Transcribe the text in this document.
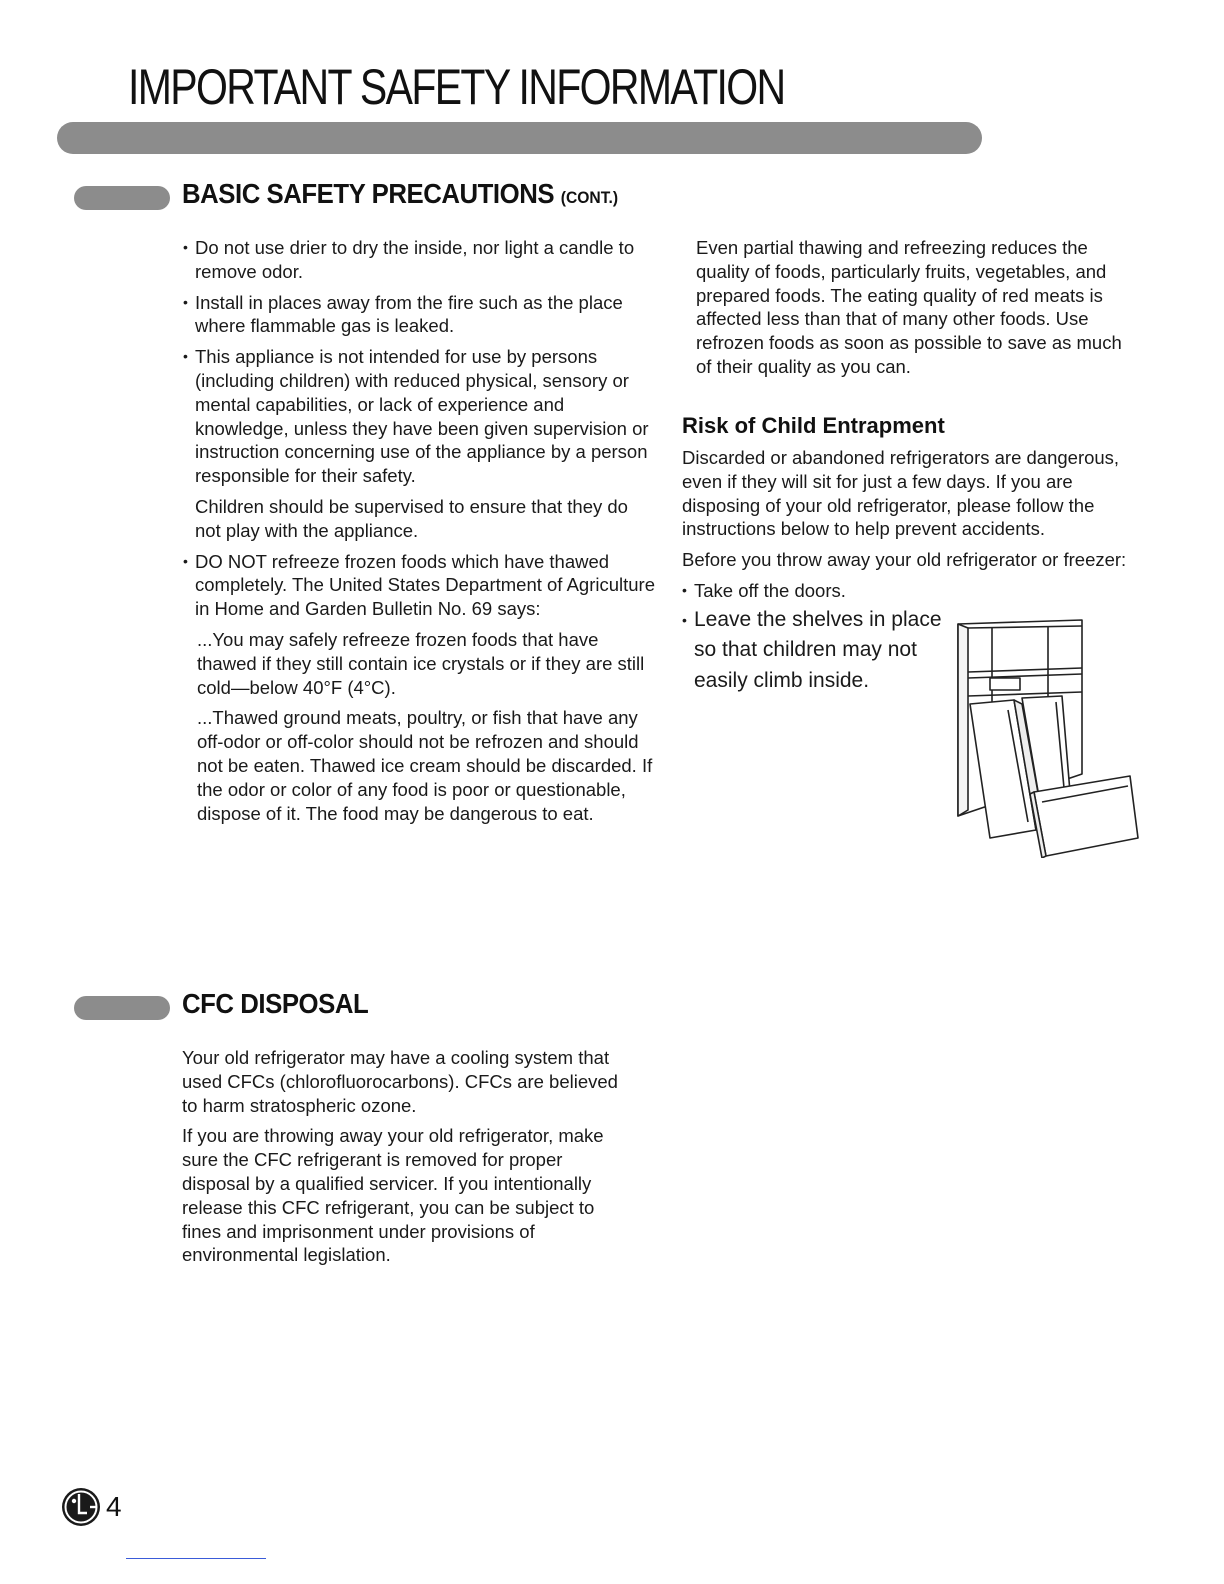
IMPORTANT SAFETY INFORMATION
BASIC SAFETY PRECAUTIONS (CONT.)

• Do not use drier to dry the inside, nor light a candle to remove odor.

• Install in places away from the fire such as the place where flammable gas is leaked.

• This appliance is not intended for use by persons (including children) with reduced physical, sensory or mental capabilities, or lack of experience and knowledge, unless they have been given supervision or instruction concerning use of the appliance by a person responsible for their safety.

Children should be supervised to ensure that they do not play with the appliance.

• DO NOT refreeze frozen foods which have thawed completely. The United States Department of Agriculture in Home and Garden Bulletin No. 69 says:

...You may safely refreeze frozen foods that have thawed if they still contain ice crystals or if they are still cold—below 40°F (4°C).

...Thawed ground meats, poultry, or fish that have any off-odor or off-color should not be refrozen and should not be eaten. Thawed ice cream should be discarded. If the odor or color of any food is poor or questionable, dispose of it. The food may be dangerous to eat.

Even partial thawing and refreezing reduces the quality of foods, particularly fruits, vegetables, and prepared foods. The eating quality of red meats is affected less than that of many other foods. Use refrozen foods as soon as possible to save as much of their quality as you can.

Risk of Child Entrapment

Discarded or abandoned refrigerators are dangerous, even if they will sit for just a few days. If you are disposing of your old refrigerator, please follow the instructions below to help prevent accidents.

Before you throw away your old refrigerator or freezer:

• Take off the doors.

• Leave the shelves in place so that children may not easily climb inside.

CFC DISPOSAL

Your old refrigerator may have a cooling system that used CFCs (chlorofluorocarbons). CFCs are believed to harm stratospheric ozone.

If you are throwing away your old refrigerator, make sure the CFC refrigerant is removed for proper disposal by a qualified servicer. If you intentionally release this CFC refrigerant, you can be subject to fines and imprisonment under provisions of environmental legislation.

4
